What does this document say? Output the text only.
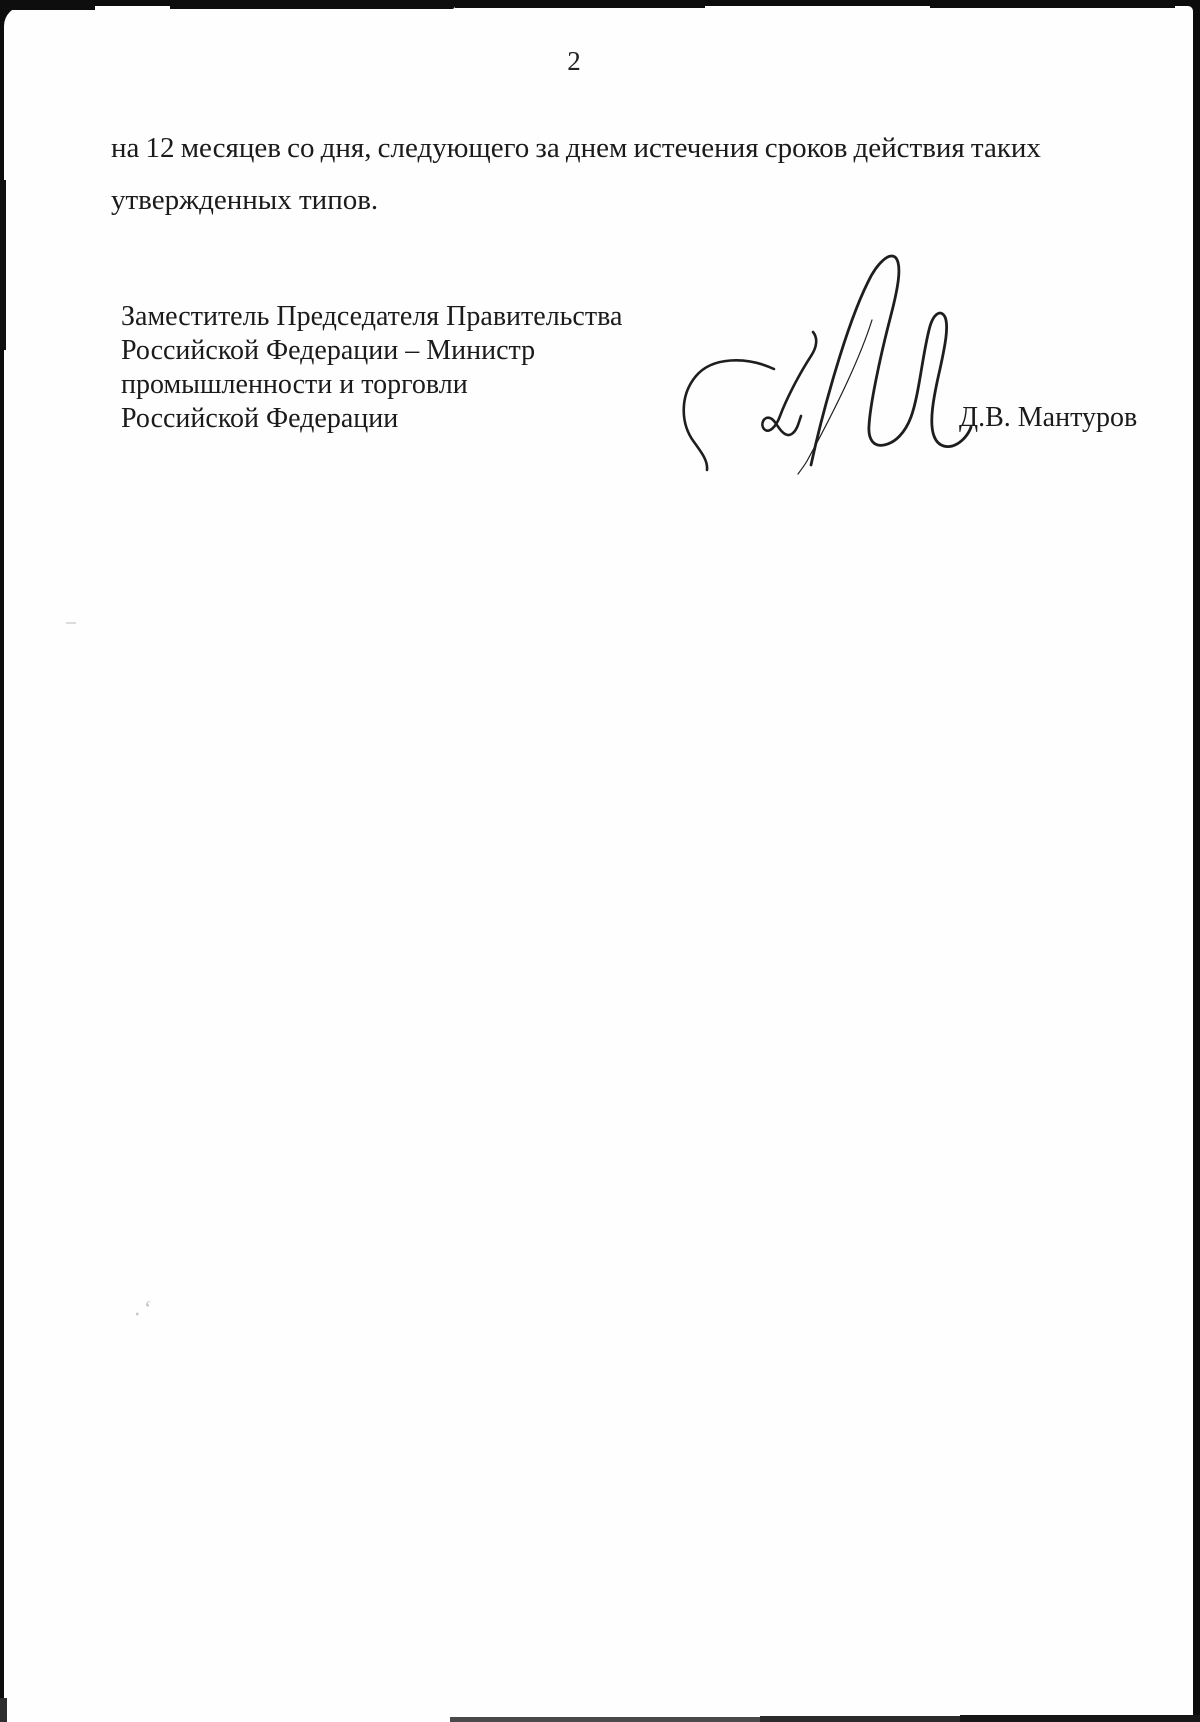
2
на 12 месяцев со дня, следующего за днем истечения сроков действия таких
утвержденных типов.
Заместитель Председателя Правительства
Российской Федерации – Министр
промышленности и торговли
Российской Федерации	Д.В. Мантуров
.‘
